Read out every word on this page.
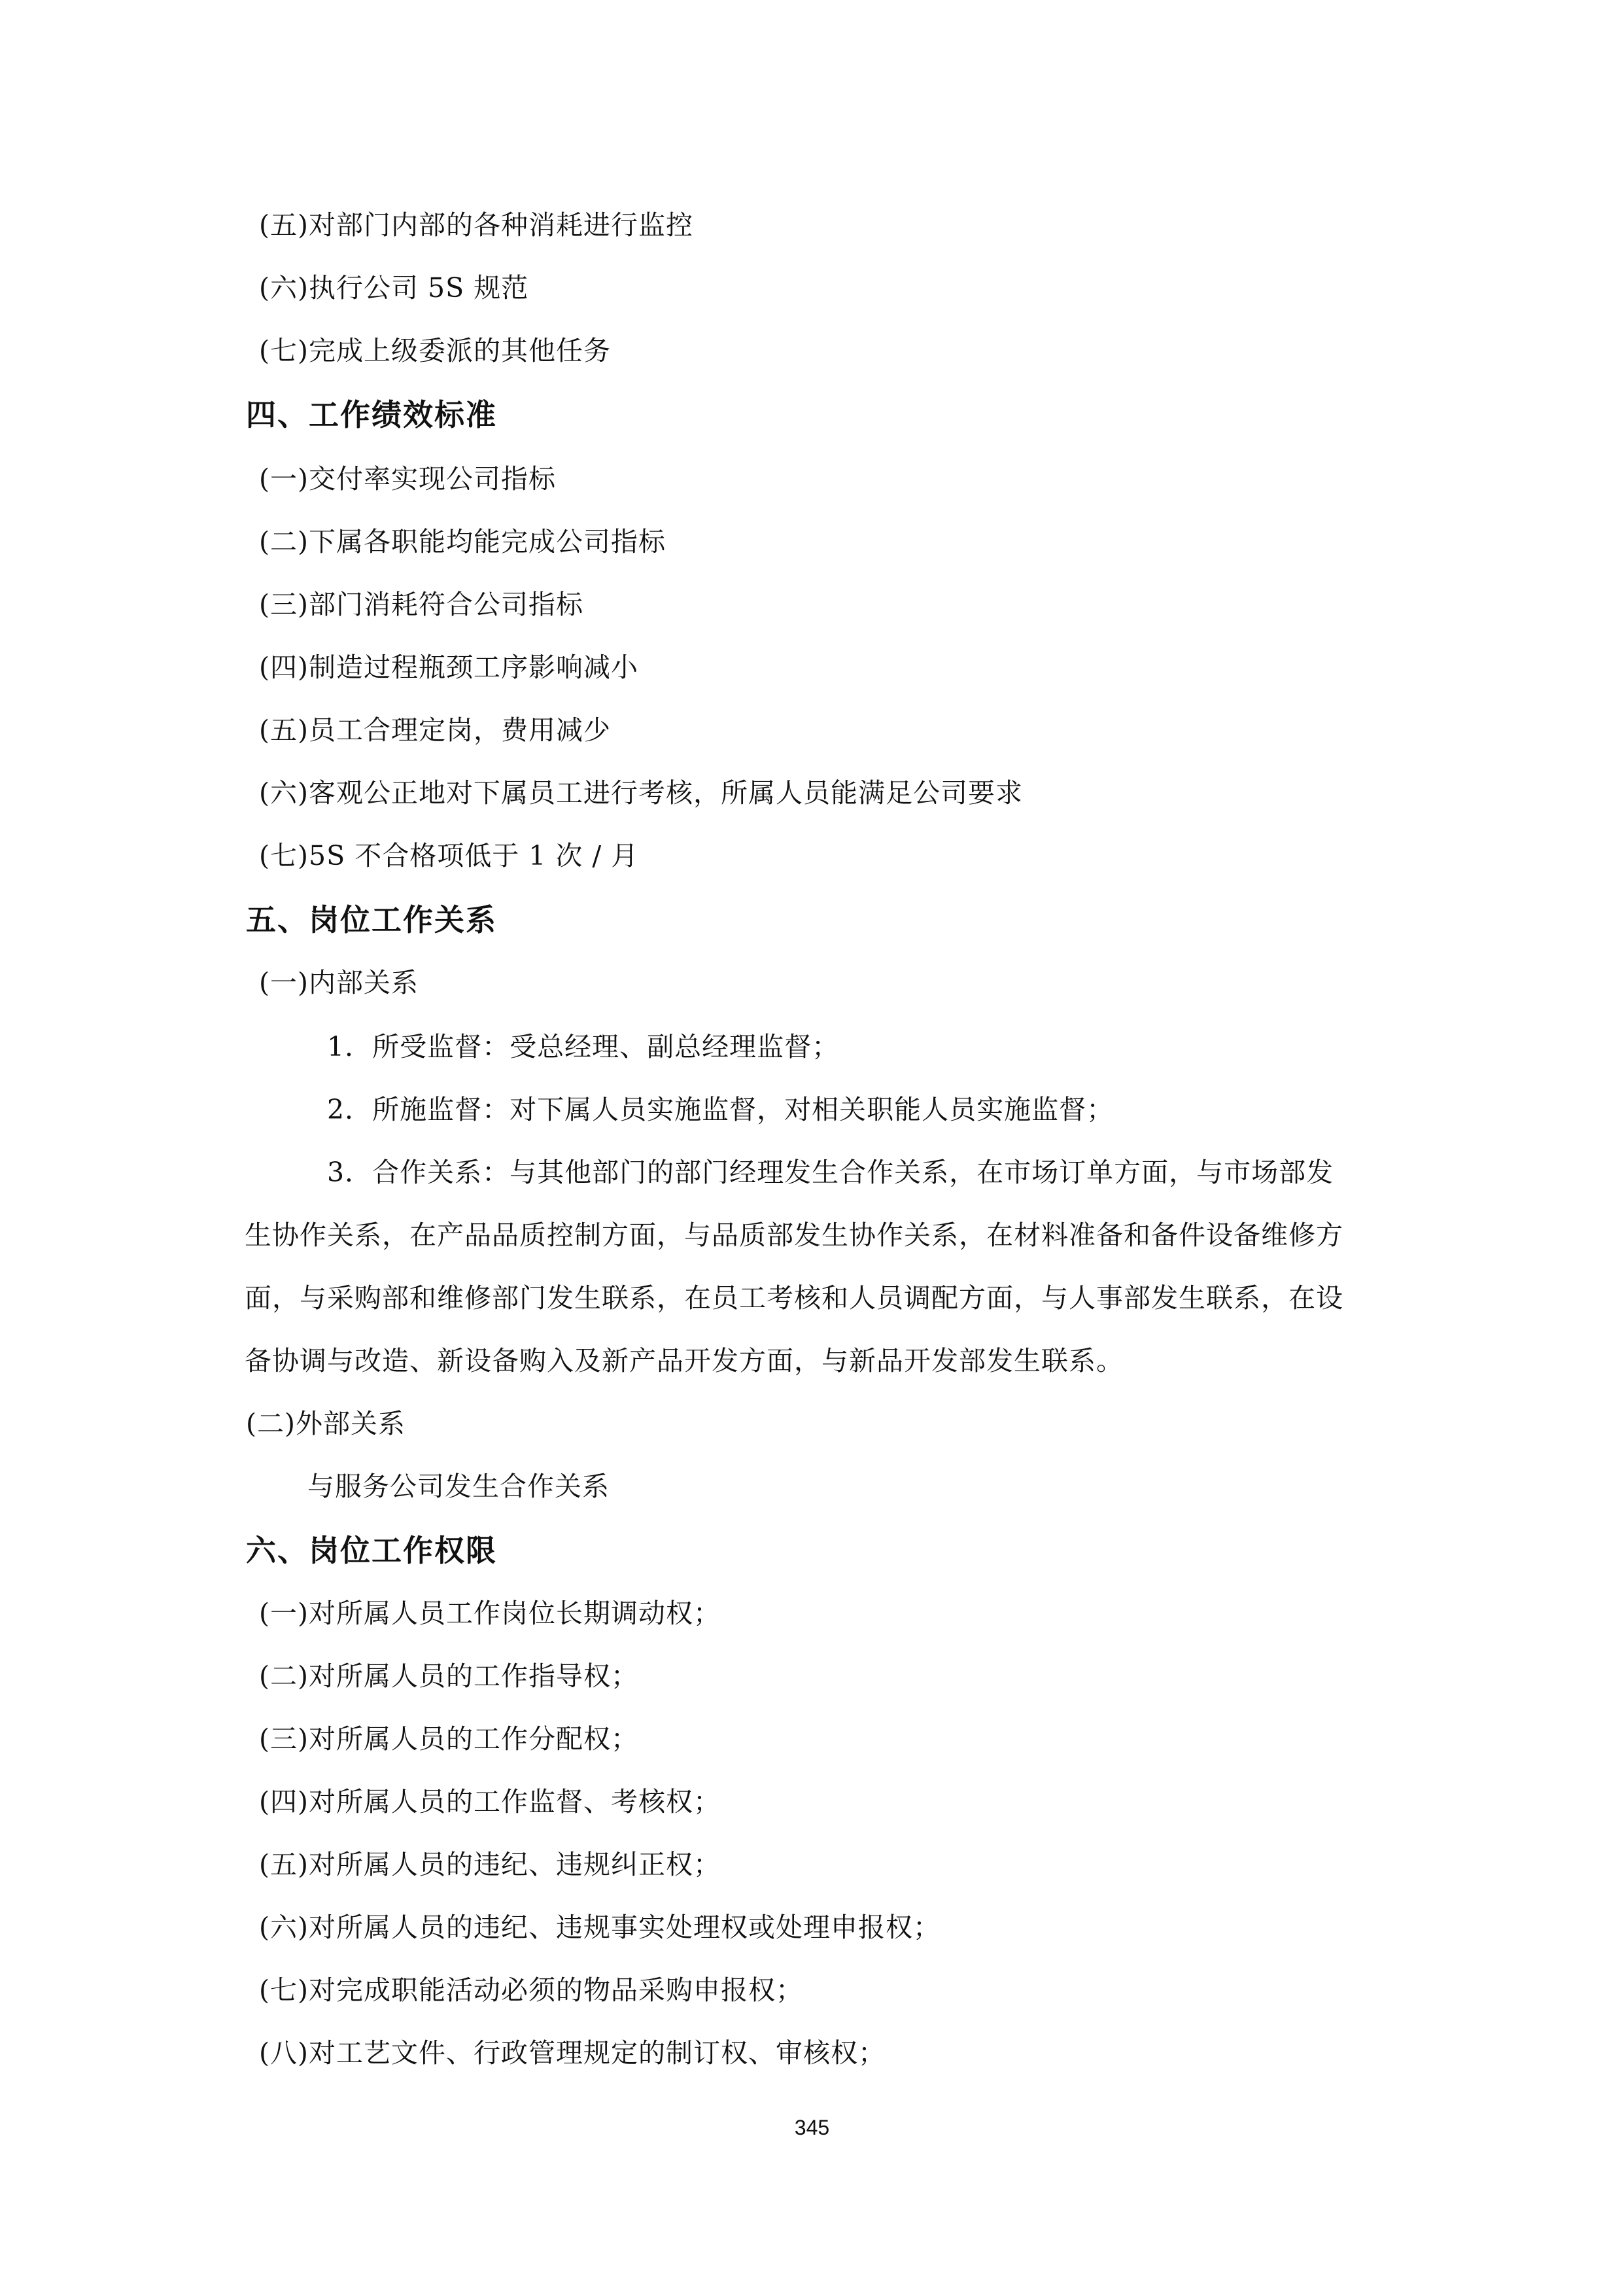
(五)对部门内部的各种消耗进行监控
(六)执行公司 5S 规范
(七)完成上级委派的其他任务
四、工作绩效标准
(一)交付率实现公司指标
(二)下属各职能均能完成公司指标
(三)部门消耗符合公司指标
(四)制造过程瓶颈工序影响减小
(五)员工合理定岗，费用减少
(六)客观公正地对下属员工进行考核，所属人员能满足公司要求
(七)5S 不合格项低于 1 次 / 月
五、岗位工作关系
(一)内部关系
1．所受监督：受总经理、副总经理监督；
2．所施监督：对下属人员实施监督，对相关职能人员实施监督；
3．合作关系：与其他部门的部门经理发生合作关系，在市场订单方面，与市场部发
生协作关系，在产品品质控制方面，与品质部发生协作关系，在材料准备和备件设备维修方
面，与采购部和维修部门发生联系，在员工考核和人员调配方面，与人事部发生联系，在设
备协调与改造、新设备购入及新产品开发方面，与新品开发部发生联系。
(二)外部关系
与服务公司发生合作关系
六、岗位工作权限
(一)对所属人员工作岗位长期调动权；
(二)对所属人员的工作指导权；
(三)对所属人员的工作分配权；
(四)对所属人员的工作监督、考核权；
(五)对所属人员的违纪、违规纠正权；
(六)对所属人员的违纪、违规事实处理权或处理申报权；
(七)对完成职能活动必须的物品采购申报权；
(八)对工艺文件、行政管理规定的制订权、审核权；
345
